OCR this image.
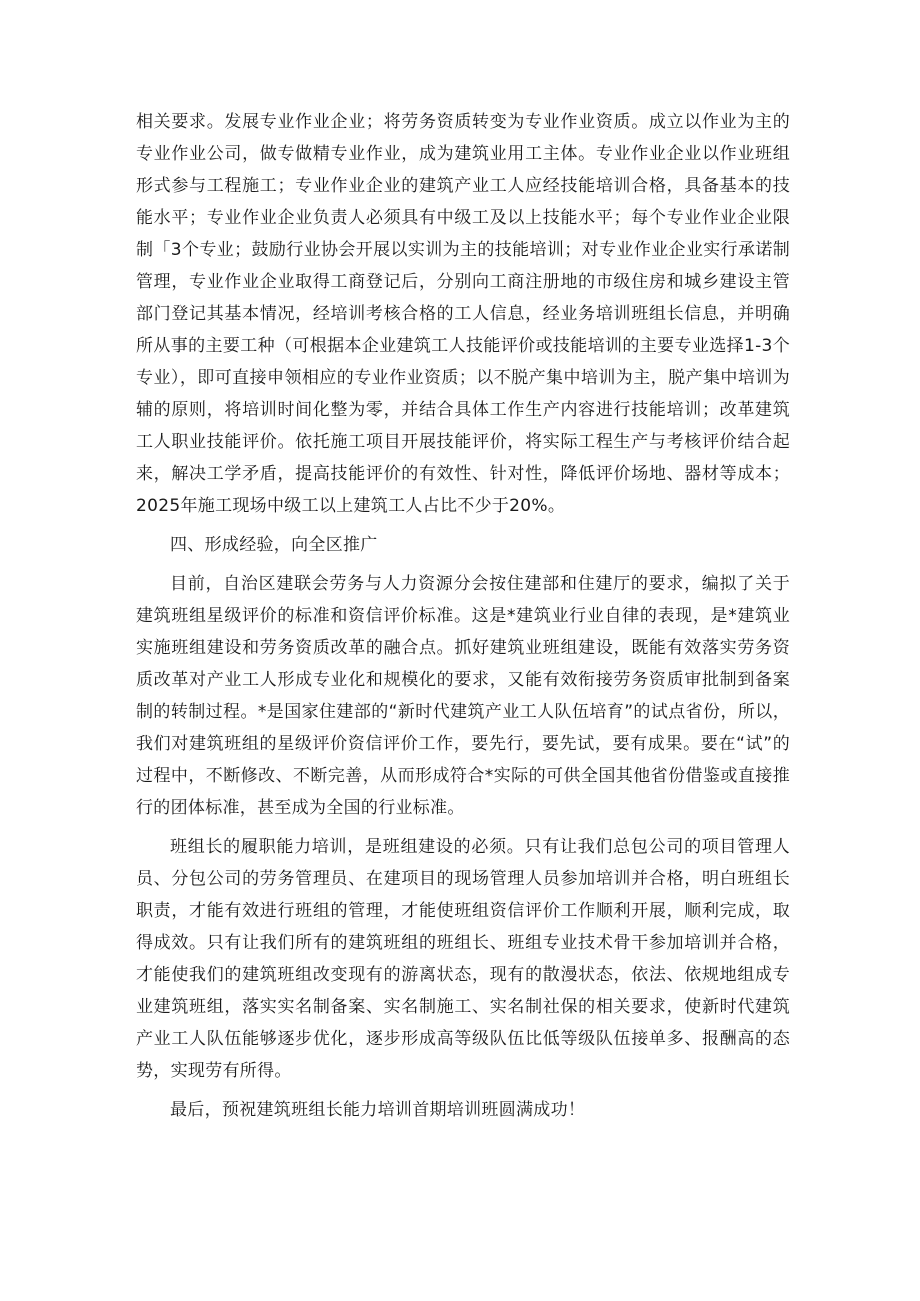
相关要求。发展专业作业企业；将劳务资质转变为专业作业资质。成立以作业为主的专业作业公司，做专做精专业作业，成为建筑业用工主体。专业作业企业以作业班组形式参与工程施工；专业作业企业的建筑产业工人应经技能培训合格，具备基本的技能水平；专业作业企业负责人必须具有中级工及以上技能水平；每个专业作业企业限制「3个专业；鼓励行业协会开展以实训为主的技能培训；对专业作业企业实行承诺制管理，专业作业企业取得工商登记后，分别向工商注册地的市级住房和城乡建设主管部门登记其基本情况，经培训考核合格的工人信息，经业务培训班组长信息，并明确所从事的主要工种（可根据本企业建筑工人技能评价或技能培训的主要专业选择1-3个专业），即可直接申领相应的专业作业资质；以不脱产集中培训为主，脱产集中培训为辅的原则，将培训时间化整为零，并结合具体工作生产内容进行技能培训；改革建筑工人职业技能评价。依托施工项目开展技能评价，将实际工程生产与考核评价结合起来，解决工学矛盾，提高技能评价的有效性、针对性，降低评价场地、器材等成本；2025年施工现场中级工以上建筑工人占比不少于20%。

四、形成经验，向全区推广

目前，自治区建联会劳务与人力资源分会按住建部和住建厅的要求，编拟了关于建筑班组星级评价的标准和资信评价标准。这是*建筑业行业自律的表现，是*建筑业实施班组建设和劳务资质改革的融合点。抓好建筑业班组建设，既能有效落实劳务资质改革对产业工人形成专业化和规模化的要求，又能有效衔接劳务资质审批制到备案制的转制过程。*是国家住建部的“新时代建筑产业工人队伍培育”的试点省份，所以，我们对建筑班组的星级评价资信评价工作，要先行，要先试，要有成果。要在“试”的过程中，不断修改、不断完善，从而形成符合*实际的可供全国其他省份借鉴或直接推行的团体标准，甚至成为全国的行业标准。

班组长的履职能力培训，是班组建设的必须。只有让我们总包公司的项目管理人员、分包公司的劳务管理员、在建项目的现场管理人员参加培训并合格，明白班组长职责，才能有效进行班组的管理，才能使班组资信评价工作顺利开展，顺利完成，取得成效。只有让我们所有的建筑班组的班组长、班组专业技术骨干参加培训并合格，才能使我们的建筑班组改变现有的游离状态，现有的散漫状态，依法、依规地组成专业建筑班组，落实实名制备案、实名制施工、实名制社保的相关要求，使新时代建筑产业工人队伍能够逐步优化，逐步形成高等级队伍比低等级队伍接单多、报酬高的态势，实现劳有所得。

最后，预祝建筑班组长能力培训首期培训班圆满成功！
